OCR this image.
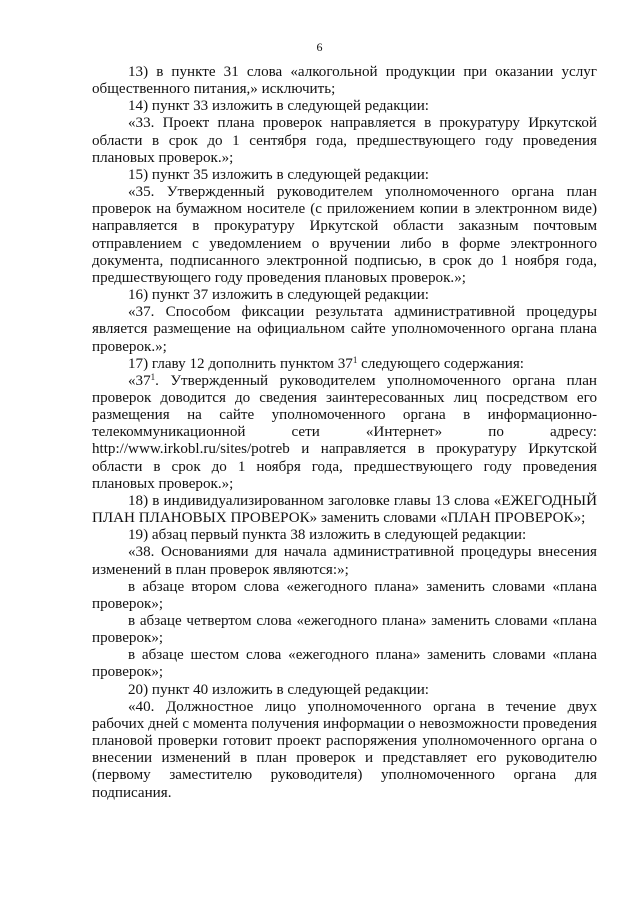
6

13) в пункте 31 слова «алкогольной продукции при оказании услуг общественного питания,» исключить;

14) пункт 33 изложить в следующей редакции:

«33. Проект плана проверок направляется в прокуратуру Иркутской области в срок до 1 сентября года, предшествующего году проведения плановых проверок.»;

15) пункт 35 изложить в следующей редакции:

«35. Утвержденный руководителем уполномоченного органа план проверок на бумажном носителе (с приложением копии в электронном виде) направляется в прокуратуру Иркутской области заказным почтовым отправлением с уведомлением о вручении либо в форме электронного документа, подписанного электронной подписью, в срок до 1 ноября года, предшествующего году проведения плановых проверок.»;

16) пункт 37 изложить в следующей редакции:

«37. Способом фиксации результата административной процедуры является размещение на официальном сайте уполномоченного органа плана проверок.»;

17) главу 12 дополнить пунктом $37^1$ следующего содержания:

«$37^1$. Утвержденный руководителем уполномоченного органа план проверок доводится до сведения заинтересованных лиц посредством его размещения на сайте уполномоченного органа в информационно-телекоммуникационной сети «Интернет» по адресу: http://www.irkobl.ru/sites/potreb и направляется в прокуратуру Иркутской области в срок до 1 ноября года, предшествующего году проведения плановых проверок.»;

18) в индивидуализированном заголовке главы 13 слова «ЕЖЕГОДНЫЙ ПЛАН ПЛАНОВЫХ ПРОВЕРОК» заменить словами «ПЛАН ПРОВЕРОК»;

19) абзац первый пункта 38 изложить в следующей редакции:

«38. Основаниями для начала административной процедуры внесения изменений в план проверок являются:»;

в абзаце втором слова «ежегодного плана» заменить словами «плана проверок»;

в абзаце четвертом слова «ежегодного плана» заменить словами «плана проверок»;

в абзаце шестом слова «ежегодного плана» заменить словами «плана проверок»;

20) пункт 40 изложить в следующей редакции:

«40. Должностное лицо уполномоченного органа в течение двух рабочих дней с момента получения информации о невозможности проведения плановой проверки готовит проект распоряжения уполномоченного органа о внесении изменений в план проверок и представляет его руководителю (первому заместителю руководителя) уполномоченного органа для подписания.
